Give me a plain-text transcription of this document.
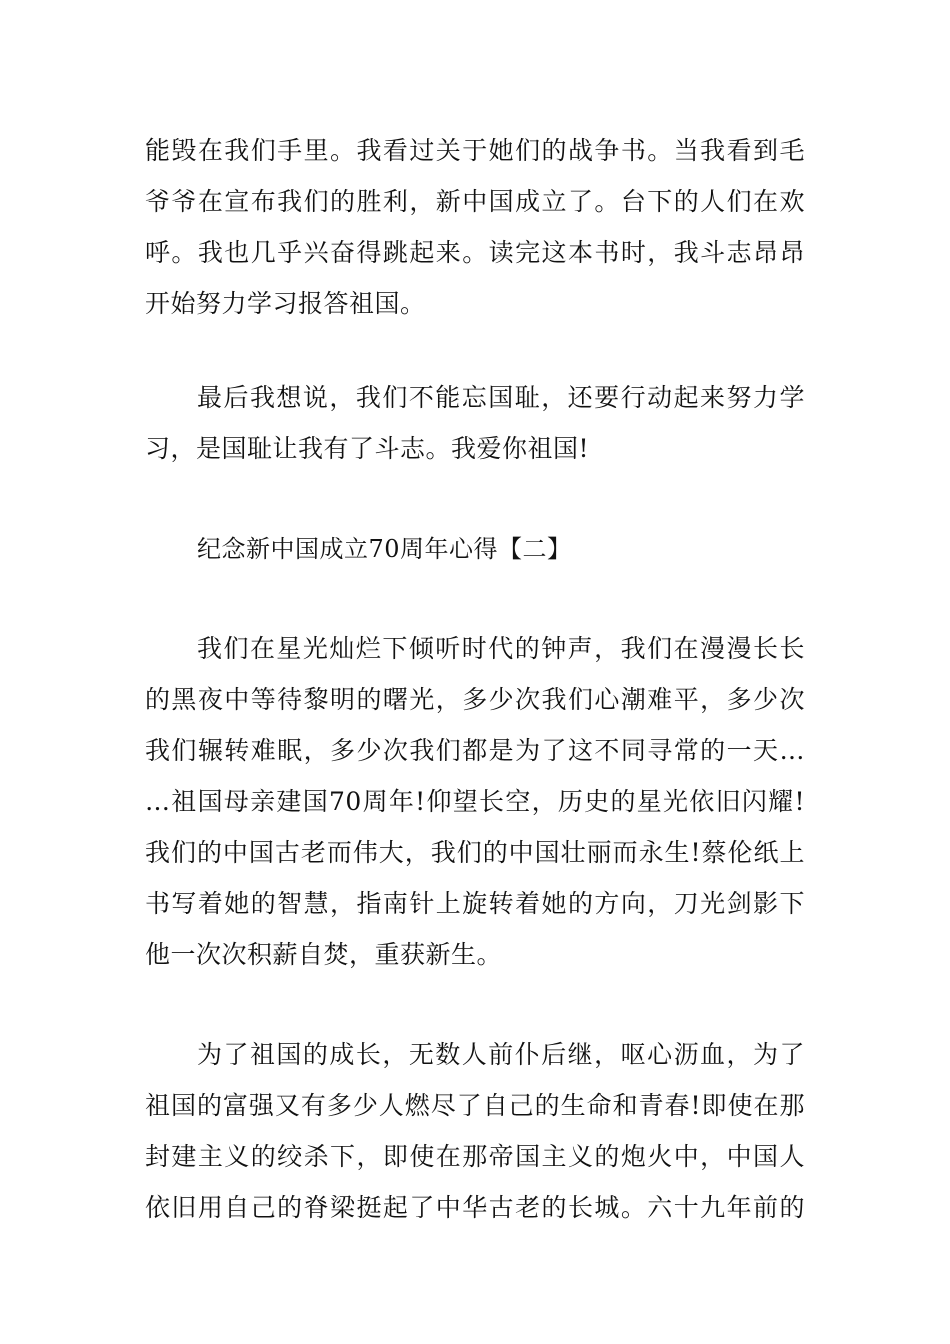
能毁在我们手里。我看过关于她们的战争书。当我看到毛
爷爷在宣布我们的胜利，新中国成立了。台下的人们在欢
呼。我也几乎兴奋得跳起来。读完这本书时，我斗志昂昂
开始努力学习报答祖国。
最后我想说，我们不能忘国耻，还要行动起来努力学
习，是国耻让我有了斗志。我爱你祖国!
纪念新中国成立70周年心得【二】
我们在星光灿烂下倾听时代的钟声，我们在漫漫长长
的黑夜中等待黎明的曙光，多少次我们心潮难平，多少次
我们辗转难眠，多少次我们都是为了这不同寻常的一天…
…祖国母亲建国70周年!仰望长空，历史的星光依旧闪耀!
我们的中国古老而伟大，我们的中国壮丽而永生!蔡伦纸上
书写着她的智慧，指南针上旋转着她的方向，刀光剑影下
他一次次积薪自焚，重获新生。
为了祖国的成长，无数人前仆后继，呕心沥血，为了
祖国的富强又有多少人燃尽了自己的生命和青春!即使在那
封建主义的绞杀下，即使在那帝国主义的炮火中，中国人
依旧用自己的脊梁挺起了中华古老的长城。六十九年前的
